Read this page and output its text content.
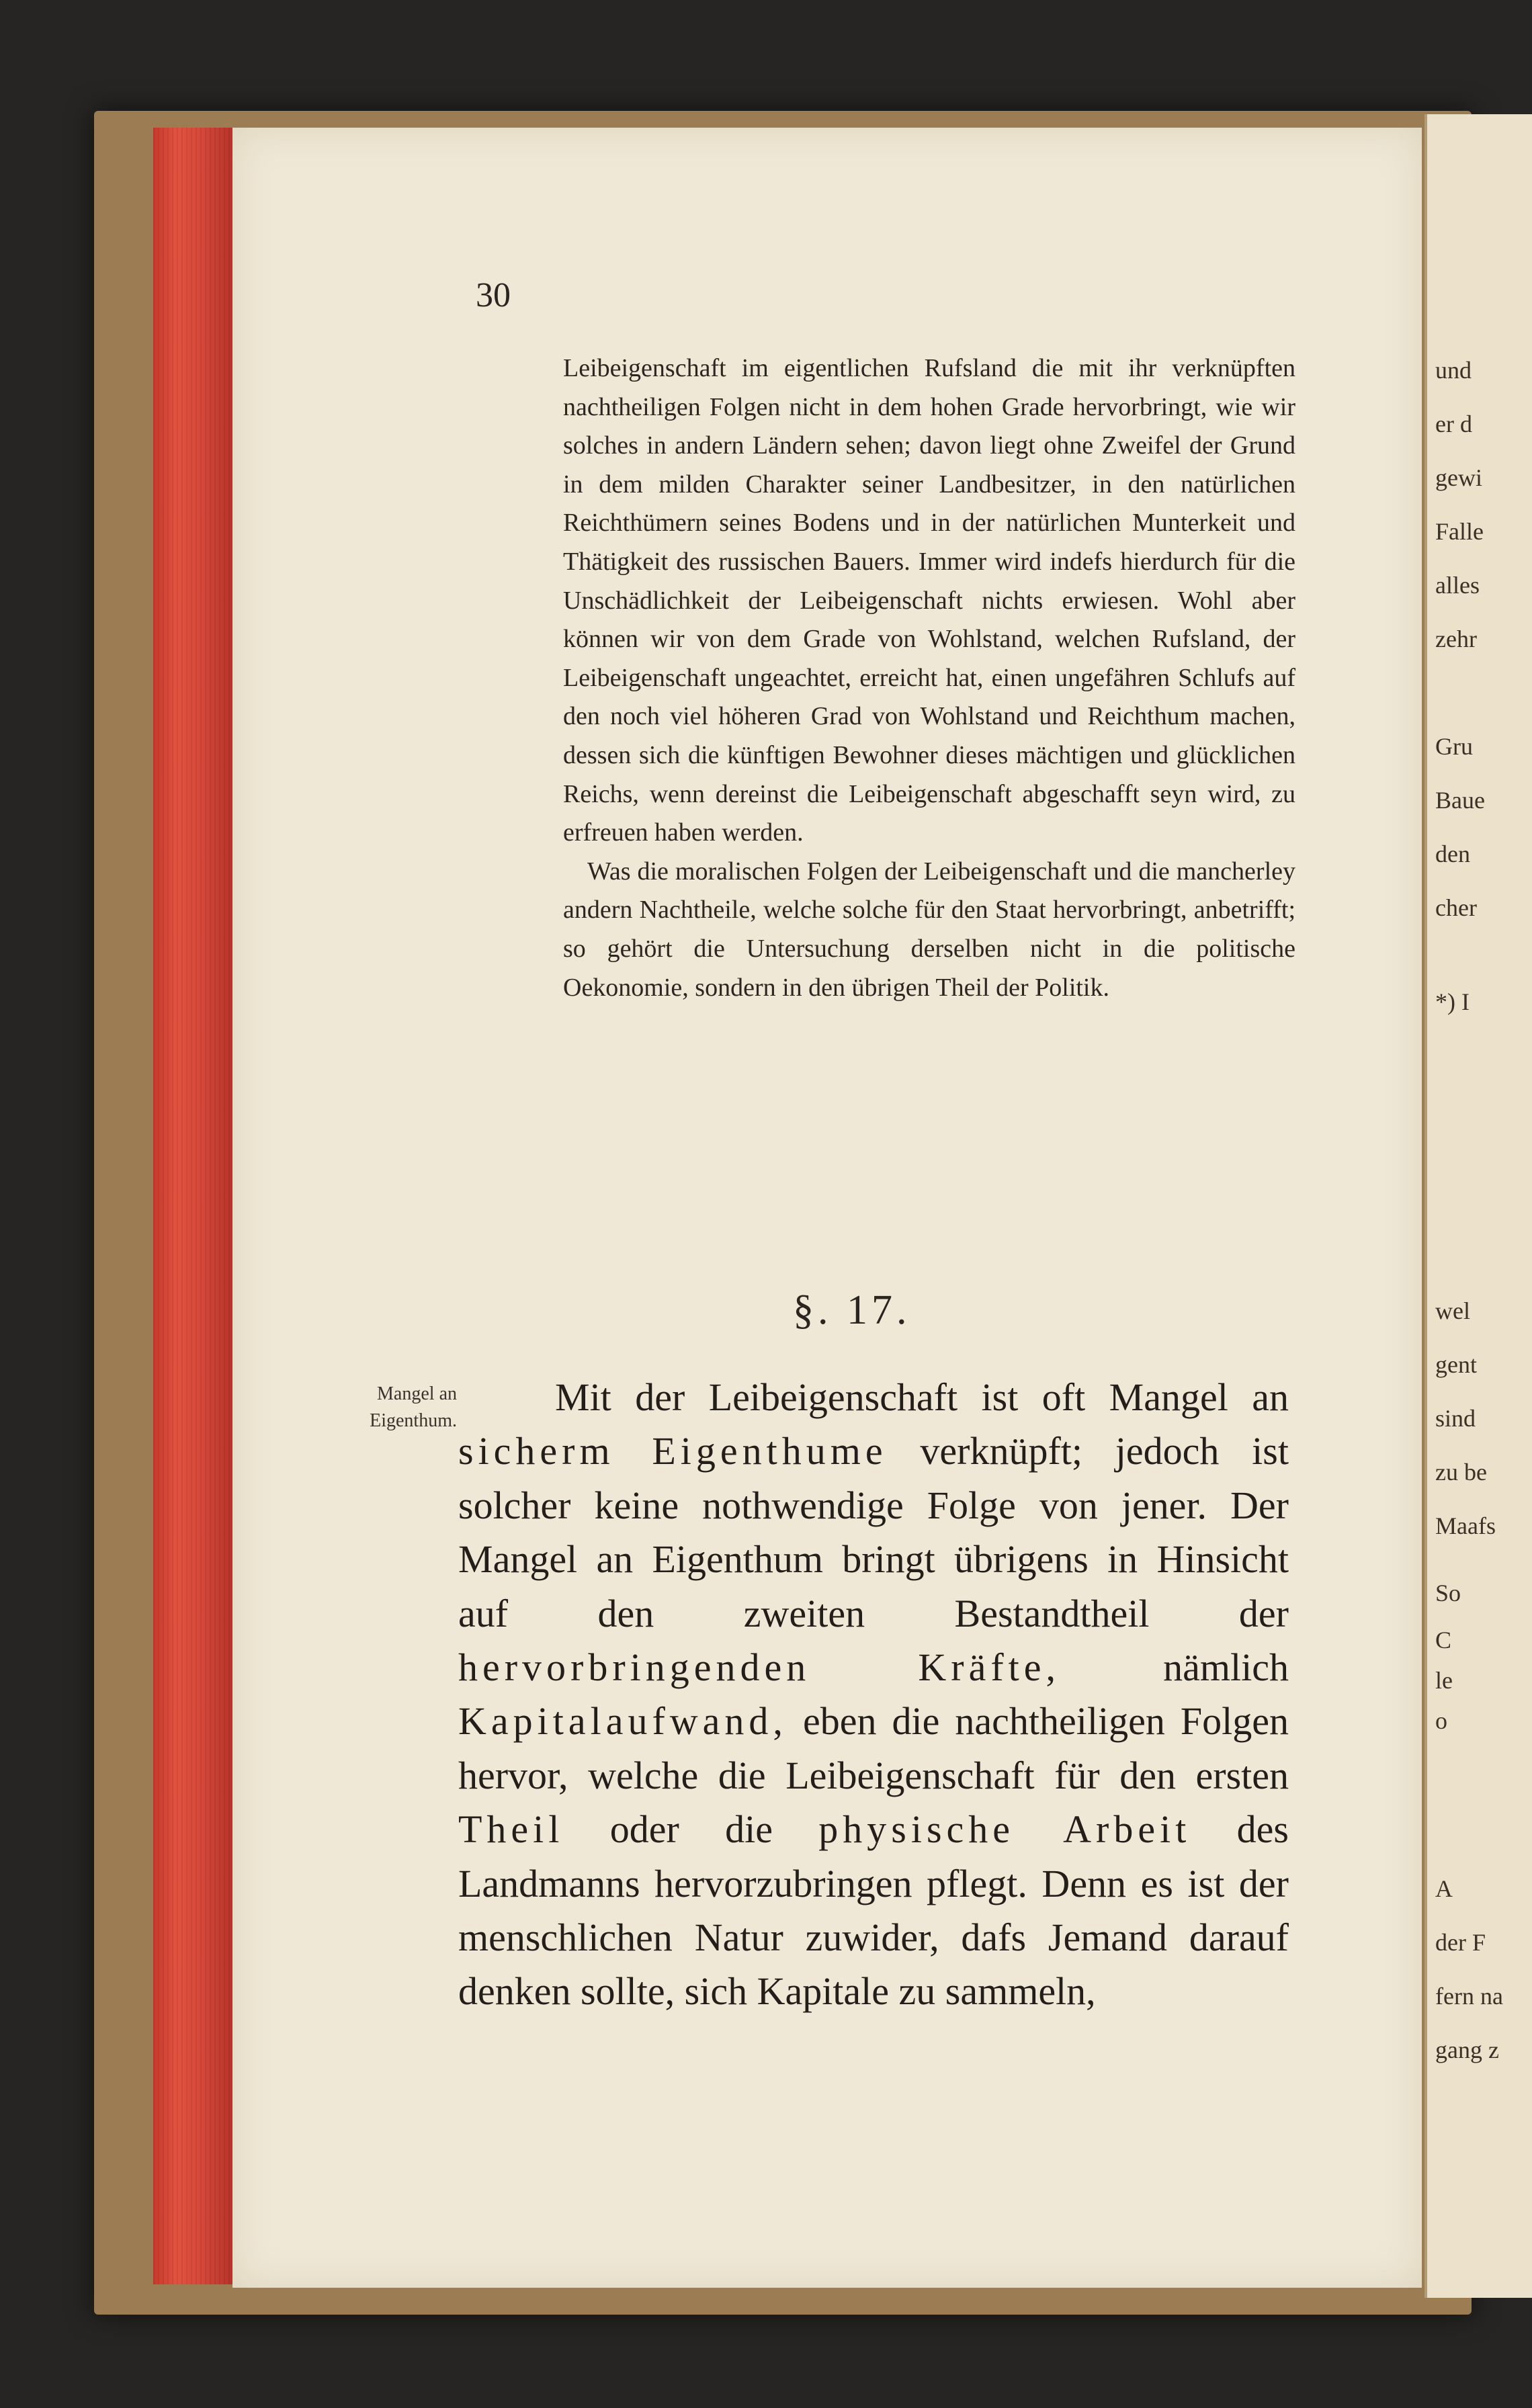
und
er d
gewi
Falle
alles
zehr
Gru
Baue
den
cher
*) I
wel
gent
sind
zu be
Maafs
So
C
le
o
A
der F
fern na
gang z
30

Leibeigenschaft im eigentlichen Rufsland die mit ihr verknüpften nachtheiligen Folgen nicht in dem hohen Grade hervorbringt, wie wir solches in andern Ländern sehen; davon liegt ohne Zweifel der Grund in dem milden Charakter seiner Landbesitzer, in den natürlichen Reichthümern seines Bodens und in der natürlichen Munterkeit und Thätigkeit des russischen Bauers. Immer wird indefs hierdurch für die Unschädlichkeit der Leibeigenschaft nichts erwiesen. Wohl aber können wir von dem Grade von Wohlstand, welchen Rufsland, der Leibeigenschaft ungeachtet, erreicht hat, einen ungefähren Schlufs auf den noch viel höheren Grad von Wohlstand und Reichthum machen, dessen sich die künftigen Bewohner dieses mächtigen und glücklichen Reichs, wenn dereinst die Leibeigenschaft abgeschafft seyn wird, zu erfreuen haben werden.

Was die moralischen Folgen der Leibeigenschaft und die mancherley andern Nachtheile, welche solche für den Staat hervorbringt, anbetrifft; so gehört die Untersuchung derselben nicht in die politische Oekonomie, sondern in den übrigen Theil der Politik.

§. 17.
Mangel an Eigenthum.

Mit der Leibeigenschaft ist oft Mangel an sicherm Eigenthume verknüpft; jedoch ist solcher keine nothwendige Folge von jener. Der Mangel an Eigenthum bringt übrigens in Hinsicht auf den zweiten Bestandtheil der hervorbringenden Kräfte, nämlich Kapitalaufwand, eben die nachtheiligen Folgen hervor, welche die Leibeigenschaft für den ersten Theil oder die physische Arbeit des Landmanns hervorzubringen pflegt. Denn es ist der menschlichen Natur zuwider, dafs Jemand darauf denken sollte, sich Kapitale zu sammeln,
